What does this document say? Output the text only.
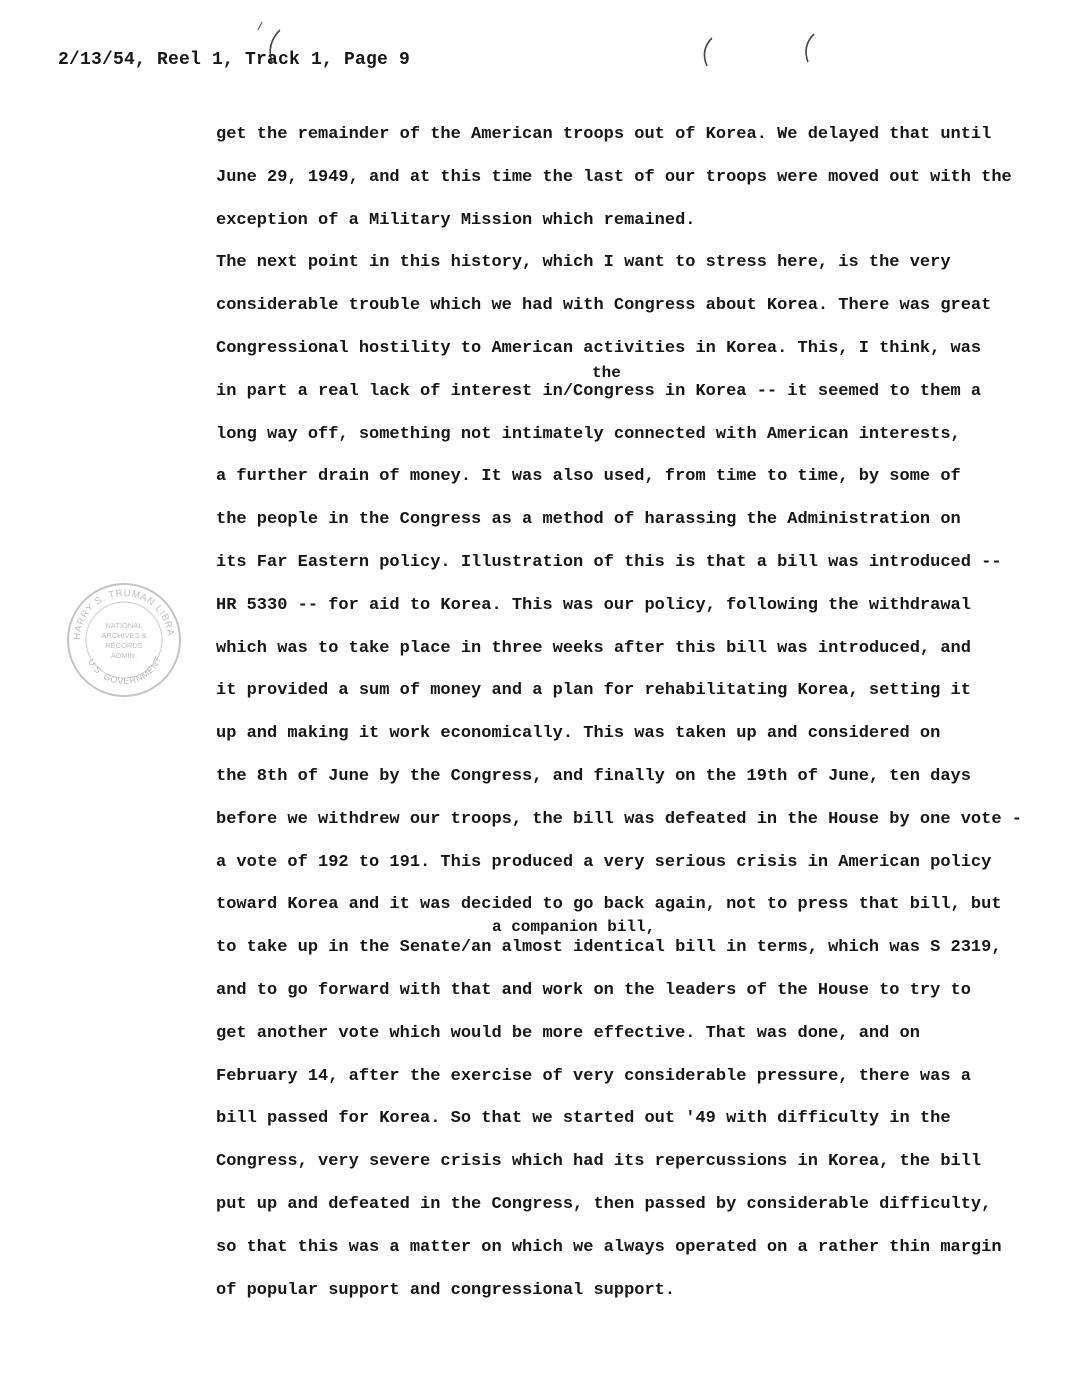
2/13/54, Reel 1, Track 1, Page 9
HARRY S. TRUMAN LIBRA
U.S. GOVERNMENT
NATIONAL
ARCHIVES &
RECORDS
ADMIN.
get the remainder of the American troops out of Korea. We delayed that until
June 29, 1949, and at this time the last of our troops were moved out with the
exception of a Military Mission which remained.
The next point in this history, which I want to stress here, is the very
considerable trouble which we had with Congress about Korea. There was great
Congressional hostility to American activities in Korea. This, I think, was
the
in part a real lack of interest in/Congress in Korea -- it seemed to them a
long way off, something not intimately connected with American interests,
a further drain of money. It was also used, from time to time, by some of
the people in the Congress as a method of harassing the Administration on
its Far Eastern policy. Illustration of this is that a bill was introduced --
HR 5330 -- for aid to Korea. This was our policy, following the withdrawal
which was to take place in three weeks after this bill was introduced, and
it provided a sum of money and a plan for rehabilitating Korea, setting it
up and making it work economically. This was taken up and considered on
the 8th of June by the Congress, and finally on the 19th of June, ten days
before we withdrew our troops, the bill was defeated in the House by one vote -
a vote of 192 to 191. This produced a very serious crisis in American policy
toward Korea and it was decided to go back again, not to press that bill, but
a companion bill,
to take up in the Senate/an almost identical bill in terms, which was S 2319,
and to go forward with that and work on the leaders of the House to try to
get another vote which would be more effective. That was done, and on
February 14, after the exercise of very considerable pressure, there was a
bill passed for Korea. So that we started out '49 with difficulty in the
Congress, very severe crisis which had its repercussions in Korea, the bill
put up and defeated in the Congress, then passed by considerable difficulty,
so that this was a matter on which we always operated on a rather thin margin
of popular support and congressional support.
